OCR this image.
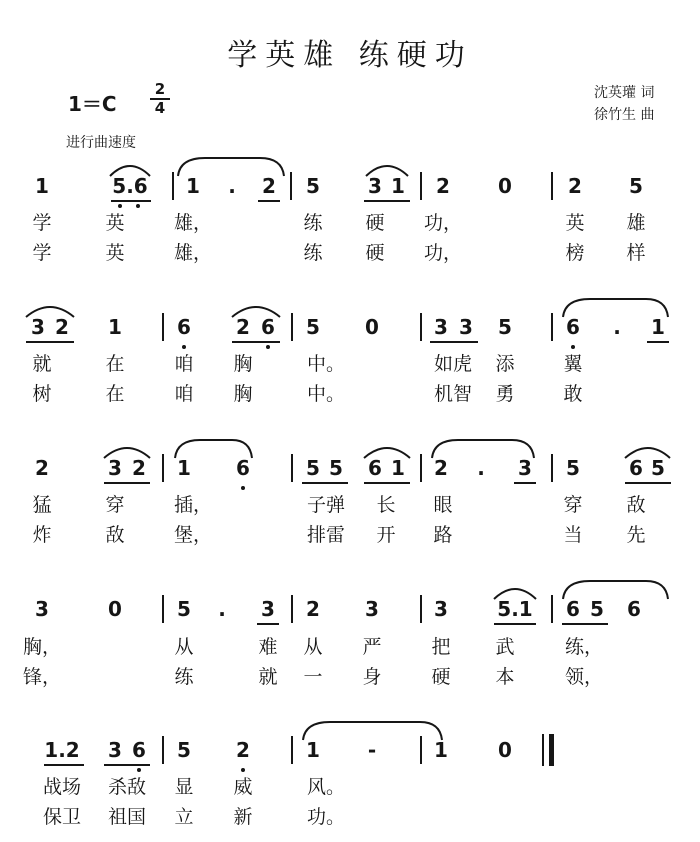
学英雄 练硬功
1＝C
2
4
沈英瓘 词
徐竹生 曲
进行曲速度
1	5.6 1 . 2 5 3 1 2 0	2 5
学	英	雄，	练 硬 功，	英 雄
学	英	雄，	练 硬 功，	榜 样
3 2 1	6 2 6 5 0	3 3 5	6 . 1
就	在	咱 胸	中。	如虎 添	翼
树	在	咱 胸	中。	机智 勇	敢
2	3 2 1 6	5 5 6 1 2 . 3 5 6 5
猛	穿	插，	子弹 长 眼	穿 敌
炸	敌	堡，	排雷 开 路	当 先
3	0	5 . 3 2 3	3 5.1 6 5 6
胸，	从	难 从 严	把 武	练，
锋，	练	就 一 身	硬 本	领，
1.2 3 6 5 2	1 -	1	0
战场 杀敌 显 威	风。
保卫 祖国 立 新	功。
